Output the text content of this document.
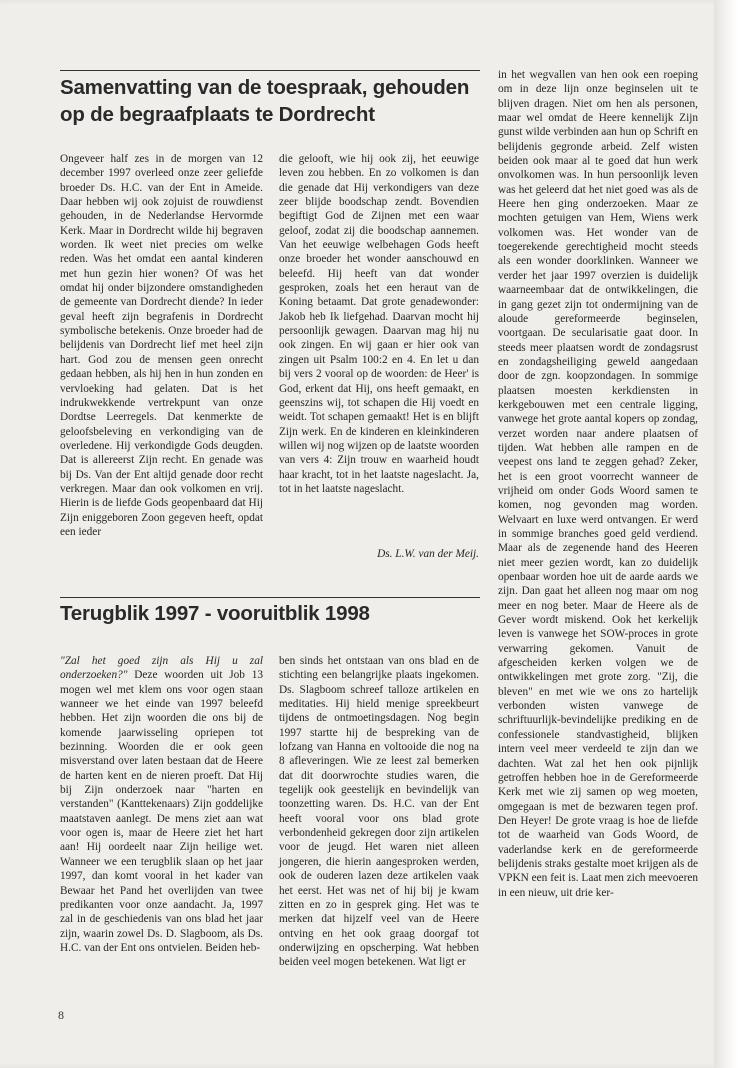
Samenvatting van de toespraak, gehouden op de begraafplaats te Dordrecht

Ongeveer half zes in de morgen van 12 december 1997 overleed onze zeer geliefde broeder Ds. H.C. van der Ent in Ameide. Daar hebben wij ook zojuist de rouwdienst gehouden, in de Nederlandse Hervormde Kerk. Maar in Dordrecht wilde hij begraven worden. Ik weet niet precies om welke reden. Was het omdat een aantal kinderen met hun gezin hier wonen? Of was het omdat hij onder bijzondere omstandigheden de gemeente van Dordrecht diende? In ieder geval heeft zijn begrafenis in Dordrecht symbolische betekenis. Onze broeder had de belijdenis van Dordrecht lief met heel zijn hart. God zou de mensen geen onrecht gedaan hebben, als hij hen in hun zonden en vervloeking had gelaten. Dat is het indrukwekkende vertrekpunt van onze Dordtse Leerregels. Dat kenmerkte de geloofsbeleving en verkondiging van de overledene. Hij verkondigde Gods deugden. Dat is allereerst Zijn recht. En genade was bij Ds. Van der Ent altijd genade door recht verkregen. Maar dan ook volkomen en vrij. Hierin is de liefde Gods geopenbaard dat Hij Zijn eniggeboren Zoon gegeven heeft, opdat een ieder

die gelooft, wie hij ook zij, het eeuwige leven zou hebben. En zo volkomen is dan die genade dat Hij verkondigers van deze zeer blijde boodschap zendt. Bovendien begiftigt God de Zijnen met een waar geloof, zodat zij die boodschap aannemen. Van het eeuwige welbehagen Gods heeft onze broeder het wonder aanschouwd en beleefd. Hij heeft van dat wonder gesproken, zoals het een heraut van de Koning betaamt. Dat grote genadewonder: Jakob heb Ik liefgehad. Daarvan mocht hij persoonlijk gewagen. Daarvan mag hij nu ook zingen. En wij gaan er hier ook van zingen uit Psalm 100:2 en 4. En let u dan bij vers 2 vooral op de woorden: de Heer' is God, erkent dat Hij, ons heeft gemaakt, en geenszins wij, tot schapen die Hij voedt en weidt. Tot schapen gemaakt! Het is en blijft Zijn werk. En de kinderen en kleinkinderen willen wij nog wijzen op de laatste woorden van vers 4: Zijn trouw en waarheid houdt haar kracht, tot in het laatste nageslacht. Ja, tot in het laatste nageslacht.

Ds. L.W. van der Meij.
Terugblik 1997 - vooruitblik 1998

"Zal het goed zijn als Hij u zal onderzoeken?" Deze woorden uit Job 13 mogen wel met klem ons voor ogen staan wanneer we het einde van 1997 beleefd hebben. Het zijn woorden die ons bij de komende jaarwisseling opriepen tot bezinning. Woorden die er ook geen misverstand over laten bestaan dat de Heere de harten kent en de nieren proeft. Dat Hij bij Zijn onderzoek naar "harten en verstanden" (Kanttekenaars) Zijn goddelijke maatstaven aanlegt. De mens ziet aan wat voor ogen is, maar de Heere ziet het hart aan! Hij oordeelt naar Zijn heilige wet. Wanneer we een terugblik slaan op het jaar 1997, dan komt vooral in het kader van Bewaar het Pand het overlijden van twee predikanten voor onze aandacht. Ja, 1997 zal in de geschiedenis van ons blad het jaar zijn, waarin zowel Ds. D. Slagboom, als Ds. H.C. van der Ent ons ontvielen. Beiden heb-

ben sinds het ontstaan van ons blad en de stichting een belangrijke plaats ingekomen. Ds. Slagboom schreef talloze artikelen en meditaties. Hij hield menige spreekbeurt tijdens de ontmoetingsdagen. Nog begin 1997 startte hij de bespreking van de lofzang van Hanna en voltooide die nog na 8 afleveringen. Wie ze leest zal bemerken dat dit doorwrochte studies waren, die tegelijk ook geestelijk en bevindelijk van toonzetting waren. Ds. H.C. van der Ent heeft vooral voor ons blad grote verbondenheid gekregen door zijn artikelen voor de jeugd. Het waren niet alleen jongeren, die hierin aangesproken werden, ook de ouderen lazen deze artikelen vaak het eerst. Het was net of hij bij je kwam zitten en zo in gesprek ging. Het was te merken dat hijzelf veel van de Heere ontving en het ook graag doorgaf tot onderwijzing en opscherping. Wat hebben beiden veel mogen betekenen. Wat ligt er

in het wegvallen van hen ook een roeping om in deze lijn onze beginselen uit te blijven dragen. Niet om hen als personen, maar wel omdat de Heere kennelijk Zijn gunst wilde verbinden aan hun op Schrift en belijdenis gegronde arbeid. Zelf wisten beiden ook maar al te goed dat hun werk onvolkomen was. In hun persoonlijk leven was het geleerd dat het niet goed was als de Heere hen ging onderzoeken. Maar ze mochten getuigen van Hem, Wiens werk volkomen was. Het wonder van de toegerekende gerechtigheid mocht steeds als een wonder doorklinken. Wanneer we verder het jaar 1997 overzien is duidelijk waarneembaar dat de ontwikkelingen, die in gang gezet zijn tot ondermijning van de aloude gereformeerde beginselen, voortgaan. De secularisatie gaat door. In steeds meer plaatsen wordt de zondagsrust en zondagsheiliging geweld aangedaan door de zgn. koopzondagen. In sommige plaatsen moesten kerkdiensten in kerkgebouwen met een centrale ligging, vanwege het grote aantal kopers op zondag, verzet worden naar andere plaatsen of tijden. Wat hebben alle rampen en de veepest ons land te zeggen gehad? Zeker, het is een groot voorrecht wanneer de vrijheid om onder Gods Woord samen te komen, nog gevonden mag worden. Welvaart en luxe werd ontvangen. Er werd in sommige branches goed geld verdiend. Maar als de zegenende hand des Heeren niet meer gezien wordt, kan zo duidelijk openbaar worden hoe uit de aarde aards we zijn. Dan gaat het alleen nog maar om nog meer en nog beter. Maar de Heere als de Gever wordt miskend. Ook het kerkelijk leven is vanwege het SOW-proces in grote verwarring gekomen. Vanuit de afgescheiden kerken volgen we de ontwikkelingen met grote zorg. "Zij, die bleven" en met wie we ons zo hartelijk verbonden wisten vanwege de schriftuurlijk-bevindelijke prediking en de confessionele standvastigheid, blijken intern veel meer verdeeld te zijn dan we dachten. Wat zal het hen ook pijnlijk getroffen hebben hoe in de Gereformeerde Kerk met wie zij samen op weg moeten, omgegaan is met de bezwaren tegen prof. Den Heyer! De grote vraag is hoe de liefde tot de waarheid van Gods Woord, de vaderlandse kerk en de gereformeerde belijdenis straks gestalte moet krijgen als de VPKN een feit is. Laat men zich meevoeren in een nieuw, uit drie ker-

8
